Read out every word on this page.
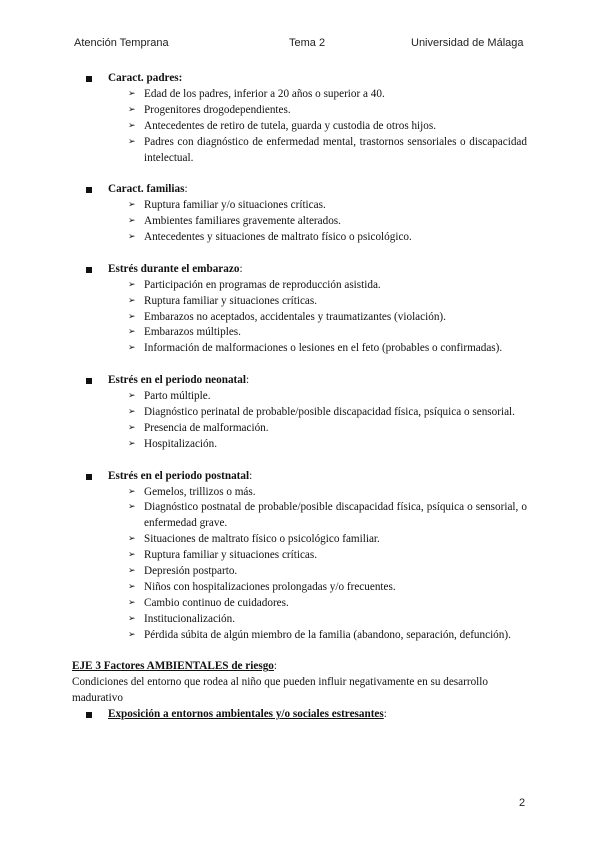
Atención Temprana	Tema 2	Universidad de Málaga
Caract. padres:
➢ Edad de los padres, inferior a 20 años o superior a 40.
➢ Progenitores drogodependientes.
➢ Antecedentes de retiro de tutela, guarda y custodia de otros hijos.
➢ Padres con diagnóstico de enfermedad mental, trastornos sensoriales o discapacidad intelectual.
Caract. familias:
➢ Ruptura familiar y/o situaciones críticas.
➢ Ambientes familiares gravemente alterados.
➢ Antecedentes y situaciones de maltrato físico o psicológico.
Estrés durante el embarazo:
➢ Participación en programas de reproducción asistida.
➢ Ruptura familiar y situaciones críticas.
➢ Embarazos no aceptados, accidentales y traumatizantes (violación).
➢ Embarazos múltiples.
➢ Información de malformaciones o lesiones en el feto (probables o confirmadas).
Estrés en el periodo neonatal:
➢ Parto múltiple.
➢ Diagnóstico perinatal de probable/posible discapacidad física, psíquica o sensorial.
➢ Presencia de malformación.
➢ Hospitalización.
Estrés en el periodo postnatal:
➢ Gemelos, trillizos o más.
➢ Diagnóstico postnatal de probable/posible discapacidad física, psíquica o sensorial, o enfermedad grave.
➢ Situaciones de maltrato físico o psicológico familiar.
➢ Ruptura familiar y situaciones críticas.
➢ Depresión postparto.
➢ Niños con hospitalizaciones prolongadas y/o frecuentes.
➢ Cambio continuo de cuidadores.
➢ Institucionalización.
➢ Pérdida súbita de algún miembro de la familia (abandono, separación, defunción).
EJE 3 Factores AMBIENTALES de riesgo:
Condiciones del entorno que rodea al niño que pueden influir negativamente en su desarrollo madurativo
Exposición a entornos ambientales y/o sociales estresantes:
2
